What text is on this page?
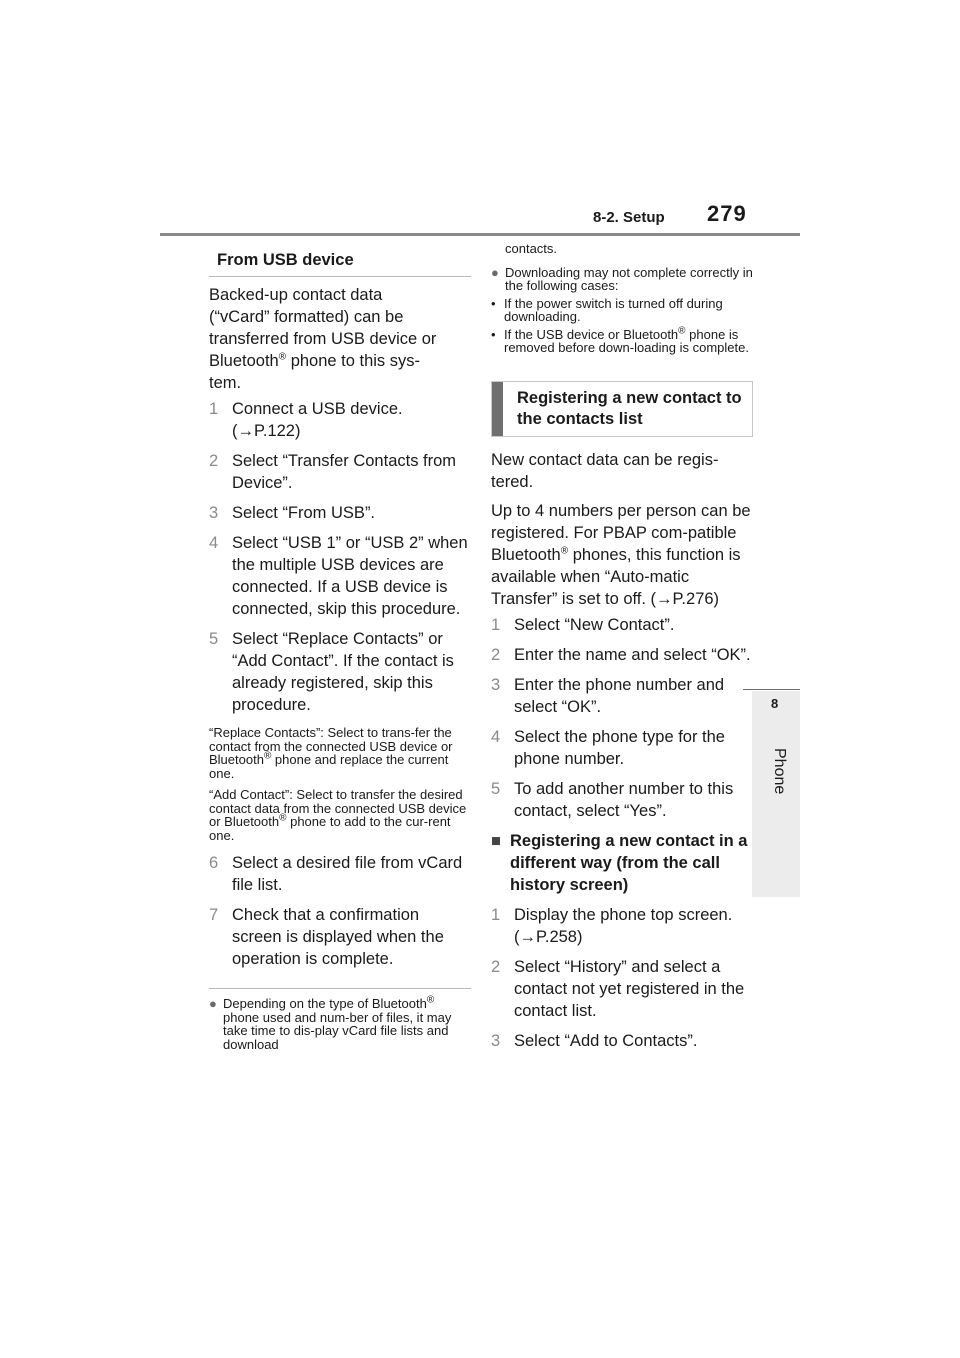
8-2. Setup 279
8
Phone
From USB device
Backed-up contact data
(“vCard” formatted) can be
transferred from USB device or
Bluetooth® phone to this sys-
tem.
1 Connect a USB device. (→P.122)
2 Select “Transfer Contacts from Device”.
3 Select “From USB”.
4 Select “USB 1” or “USB 2” when the multiple USB devices are connected. If a USB device is connected, skip this procedure.
5 Select “Replace Contacts” or “Add Contact”. If the contact is already registered, skip this procedure.
“Replace Contacts”: Select to trans-fer the contact from the connected USB device or Bluetooth® phone and replace the current one.
“Add Contact”: Select to transfer the desired contact data from the connected USB device or Bluetooth® phone to add to the cur-rent one.
6 Select a desired file from vCard file list.
7 Check that a confirmation screen is displayed when the operation is complete.
● Depending on the type of Bluetooth® phone used and num-ber of files, it may take time to dis-play vCard file lists and download
contacts.
● Downloading may not complete correctly in the following cases:
• If the power switch is turned off during downloading.
• If the USB device or Bluetooth® phone is removed before down-loading is complete.
Registering a new contact to the contacts list
New contact data can be regis-tered.
Up to 4 numbers per person can be registered. For PBAP com-patible Bluetooth® phones, this function is available when “Auto-matic Transfer” is set to off. (→P.276)
1 Select “New Contact”.
2 Enter the name and select “OK”.
3 Enter the phone number and select “OK”.
4 Select the phone type for the phone number.
5 To add another number to this contact, select “Yes”.
■ Registering a new contact in a different way (from the call history screen)
1 Display the phone top screen. (→P.258)
2 Select “History” and select a contact not yet registered in the contact list.
3 Select “Add to Contacts”.
